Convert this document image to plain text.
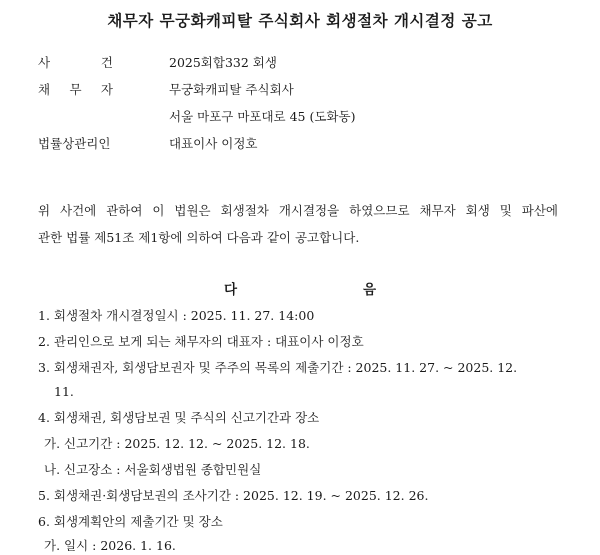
채무자 무궁화캐피탈 주식회사 회생절차 개시결정 공고
사	건	2025회합332 회생
채 무 자	무궁화캐피탈 주식회사
서울 마포구 마포대로 45 (도화동)
법률상관리인	대표이사 이정호
위 사건에 관하여 이 법원은 회생절차 개시결정을 하였으므로 채무자 회생 및 파산에
관한 법률 제51조 제1항에 의하여 다음과 같이 공고합니다.
다	음
1. 회생절차 개시결정일시 : 2025. 11. 27. 14:00
2. 관리인으로 보게 되는 채무자의 대표자 : 대표이사 이정호
3. 회생채권자, 회생담보권자 및 주주의 목록의 제출기간 : 2025. 11. 27. ~ 2025. 12.
11.
4. 회생채권, 회생담보권 및 주식의 신고기간과 장소
가. 신고기간 : 2025. 12. 12. ~ 2025. 12. 18.
나. 신고장소 : 서울회생법원 종합민원실
5. 회생채권·회생담보권의 조사기간 : 2025. 12. 19. ~ 2025. 12. 26.
6. 회생계획안의 제출기간 및 장소
가. 일시 : 2026. 1. 16.
